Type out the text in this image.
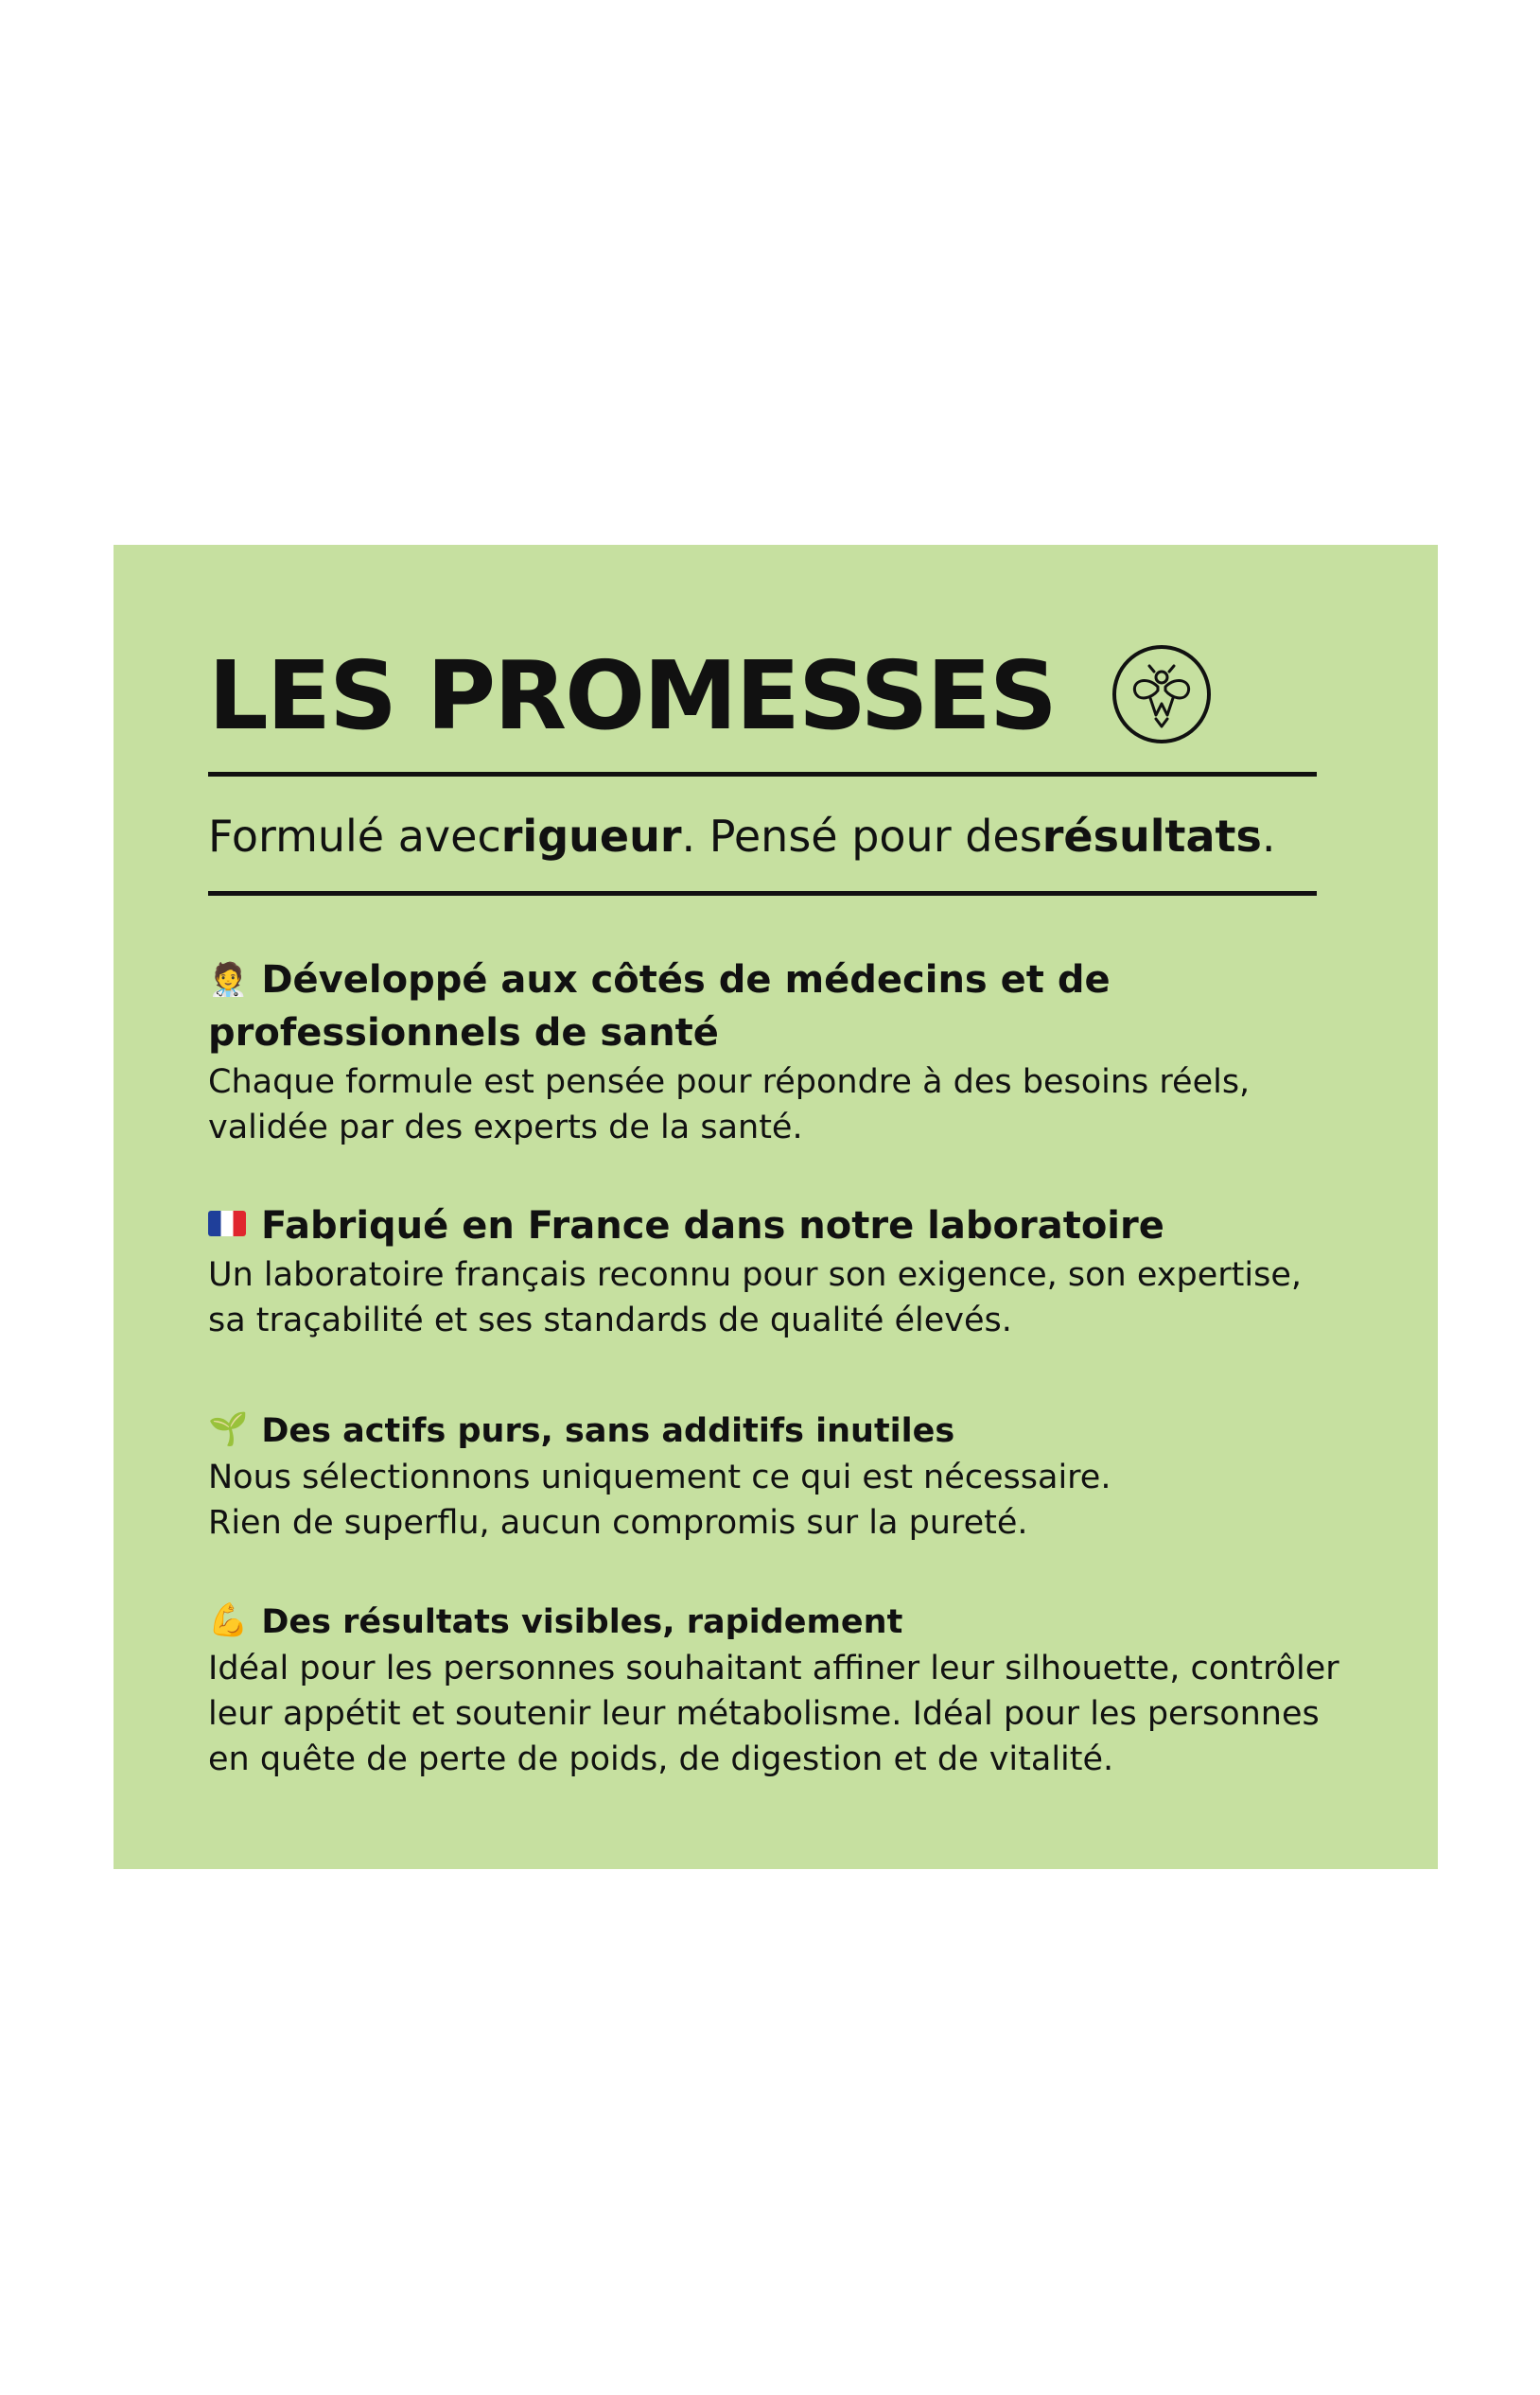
LES PROMESSES
Formulé avec rigueur . Pensé pour des résultats .

🧑‍⚕️ Développé aux côtés de médecins et de
professionnels de santé

Chaque formule est pensée pour répondre à des besoins réels,
validée par des experts de la santé.

Fabriqué en France dans notre laboratoire

Un laboratoire français reconnu pour son exigence, son expertise,
sa traçabilité et ses standards de qualité élevés.

🌱 Des actifs purs, sans additifs inutiles

Nous sélectionnons uniquement ce qui est nécessaire.
Rien de superflu, aucun compromis sur la pureté.

💪 Des résultats visibles, rapidement

Idéal pour les personnes souhaitant affiner leur silhouette, contrôler
leur appétit et soutenir leur métabolisme. Idéal pour les personnes
en quête de perte de poids, de digestion et de vitalité.
